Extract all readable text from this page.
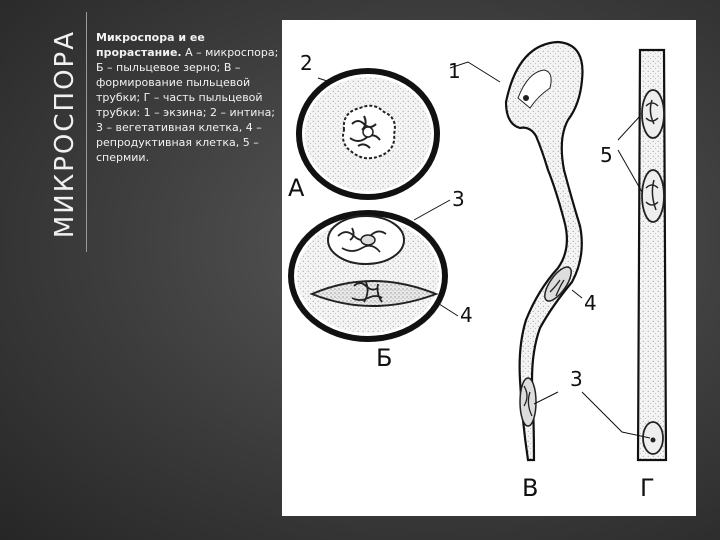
МИКРОСПОРА Микроспора и ее прорастание. А – микроспора; Б – пыльцевое зерно; В – формирование пыльцевой трубки; Г – часть пыльцевой трубки: 1 – экзина; 2 – интина; 3 – вегетативная клетка, 4 – репродуктивная клетка, 5 – спермии.
2	1
А	3
4
Б
5
4
3
В	Г
